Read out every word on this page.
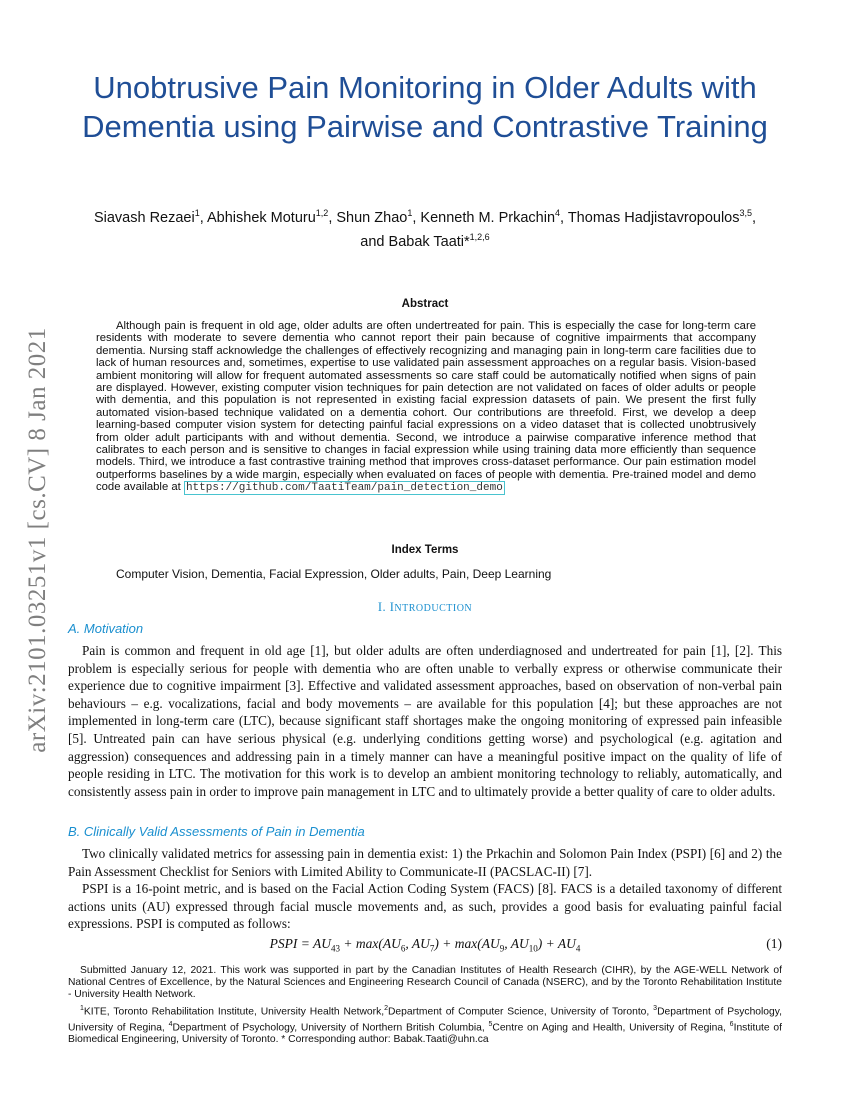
arXiv:2101.03251v1 [cs.CV] 8 Jan 2021
Unobtrusive Pain Monitoring in Older Adults with Dementia using Pairwise and Contrastive Training
Siavash Rezaei$^1$, Abhishek Moturu$^{1,2}$, Shun Zhao$^1$, Kenneth M. Prkachin$^4$, Thomas Hadjistavropoulos$^{3,5}$,
and Babak Taati*$^{1,2,6}$
Abstract
Although pain is frequent in old age, older adults are often undertreated for pain. This is especially the case for long-term care residents with moderate to severe dementia who cannot report their pain because of cognitive impairments that accompany dementia. Nursing staff acknowledge the challenges of effectively recognizing and managing pain in long-term care facilities due to lack of human resources and, sometimes, expertise to use validated pain assessment approaches on a regular basis. Vision-based ambient monitoring will allow for frequent automated assessments so care staff could be automatically notified when signs of pain are displayed. However, existing computer vision techniques for pain detection are not validated on faces of older adults or people with dementia, and this population is not represented in existing facial expression datasets of pain. We present the first fully automated vision-based technique validated on a dementia cohort. Our contributions are threefold. First, we develop a deep learning-based computer vision system for detecting painful facial expressions on a video dataset that is collected unobtrusively from older adult participants with and without dementia. Second, we introduce a pairwise comparative inference method that calibrates to each person and is sensitive to changes in facial expression while using training data more efficiently than sequence models. Third, we introduce a fast contrastive training method that improves cross-dataset performance. Our pain estimation model outperforms baselines by a wide margin, especially when evaluated on faces of people with dementia. Pre-trained model and demo code available at https://github.com/TaatiTeam/pain_detection_demo
Index Terms
Computer Vision, Dementia, Facial Expression, Older adults, Pain, Deep Learning
I. INTRODUCTION
A. Motivation

Pain is common and frequent in old age [1], but older adults are often underdiagnosed and undertreated for pain [1], [2]. This problem is especially serious for people with dementia who are often unable to verbally express or otherwise communicate their experience due to cognitive impairment [3]. Effective and validated assessment approaches, based on observation of non-verbal pain behaviours – e.g. vocalizations, facial and body movements – are available for this population [4]; but these approaches are not implemented in long-term care (LTC), because significant staff shortages make the ongoing monitoring of expressed pain infeasible [5]. Untreated pain can have serious physical (e.g. underlying conditions getting worse) and psychological (e.g. agitation and aggression) consequences and addressing pain in a timely manner can have a meaningful positive impact on the quality of life of people residing in LTC. The motivation for this work is to develop an ambient monitoring technology to reliably, automatically, and consistently assess pain in order to improve pain management in LTC and to ultimately provide a better quality of care to older adults.

B. Clinically Valid Assessments of Pain in Dementia

Two clinically validated metrics for assessing pain in dementia exist: 1) the Prkachin and Solomon Pain Index (PSPI) [6] and 2) the Pain Assessment Checklist for Seniors with Limited Ability to Communicate-II (PACSLAC-II) [7].

PSPI is a 16-point metric, and is based on the Facial Action Coding System (FACS) [8]. FACS is a detailed taxonomy of different actions units (AU) expressed through facial muscle movements and, as such, provides a good basis for evaluating painful facial expressions. PSPI is computed as follows:

PSPI = $AU_{43} + \max(AU_6$, $AU_7) + \max(AU_9$, $AU_{10}) + AU_4$	(1)

Submitted January 12, 2021. This work was supported in part by the Canadian Institutes of Health Research (CIHR), by the AGE-WELL Network of National Centres of Excellence, by the Natural Sciences and Engineering Research Council of Canada (NSERC), and by the Toronto Rehabilitation Institute - University Health Network.

$^1$KITE, Toronto Rehabilitation Institute, University Health Network,$^2$Department of Computer Science, University of Toronto, $^3$Department of Psychology, University of Regina, $^4$Department of Psychology, University of Northern British Columbia, $^5$Centre on Aging and Health, University of Regina, $^6$Institute of Biomedical Engineering, University of Toronto. * Corresponding author: Babak.Taati@uhn.ca
